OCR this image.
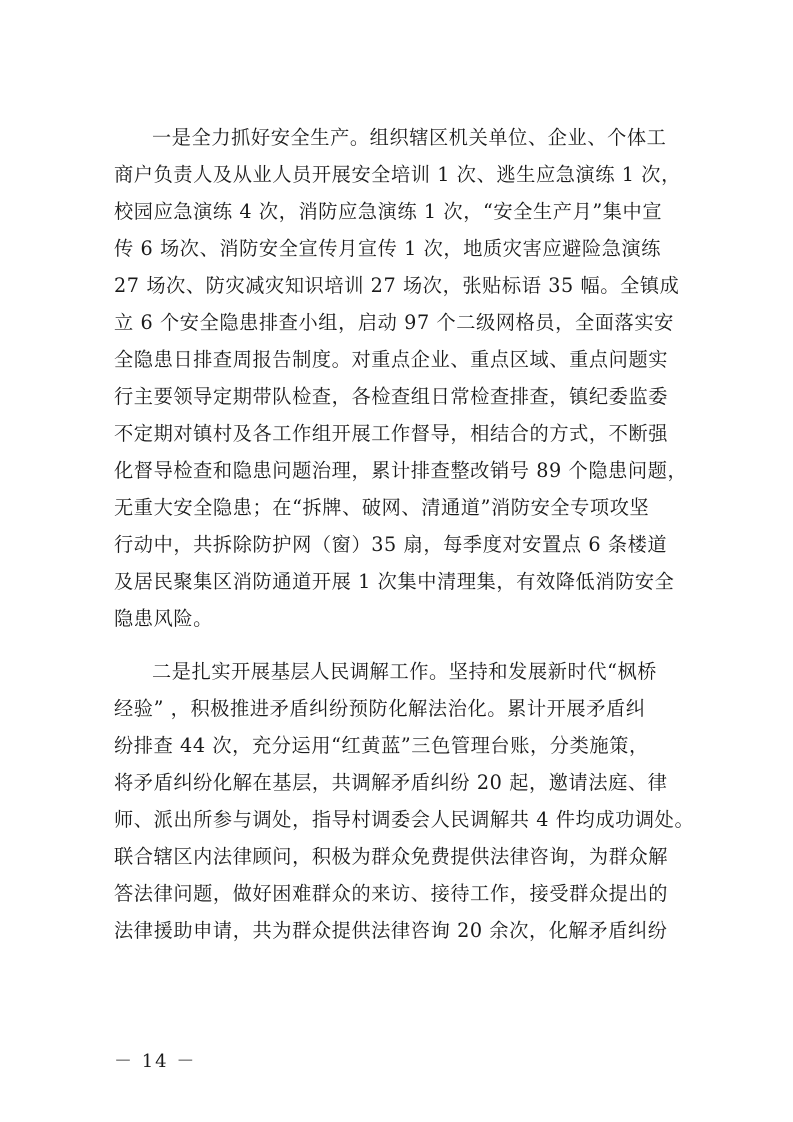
一是全力抓好安全生产。组织辖区机关单位、企业、个体工

商户负责人及从业人员开展安全培训 1 次、逃生应急演练 1 次，

校园应急演练 4 次，消防应急演练 1 次，“安全生产月”集中宣

传 6 场次、消防安全宣传月宣传 1 次，地质灾害应避险急演练

27 场次、防灾减灾知识培训 27 场次，张贴标语 35 幅。全镇成

立 6 个安全隐患排查小组，启动 97 个二级网格员，全面落实安

全隐患日排查周报告制度。对重点企业、重点区域、重点问题实

行主要领导定期带队检查，各检查组日常检查排查，镇纪委监委

不定期对镇村及各工作组开展工作督导，相结合的方式，不断强

化督导检查和隐患问题治理，累计排查整改销号 89 个隐患问题，

无重大安全隐患；在“拆牌、破网、清通道”消防安全专项攻坚

行动中，共拆除防护网（窗）35 扇，每季度对安置点 6 条楼道

及居民聚集区消防通道开展 1 次集中清理集，有效降低消防安全

隐患风险。

二是扎实开展基层人民调解工作。坚持和发展新时代“枫桥

经验” ，积极推进矛盾纠纷预防化解法治化。累计开展矛盾纠

纷排查 44 次，充分运用“红黄蓝”三色管理台账，分类施策，

将矛盾纠纷化解在基层，共调解矛盾纠纷 20 起，邀请法庭、律

师、派出所参与调处，指导村调委会人民调解共 4 件均成功调处。

联合辖区内法律顾问，积极为群众免费提供法律咨询，为群众解

答法律问题，做好困难群众的来访、接待工作，接受群众提出的

法律援助申请，共为群众提供法律咨询 20 余次，化解矛盾纠纷

－ 14 －
